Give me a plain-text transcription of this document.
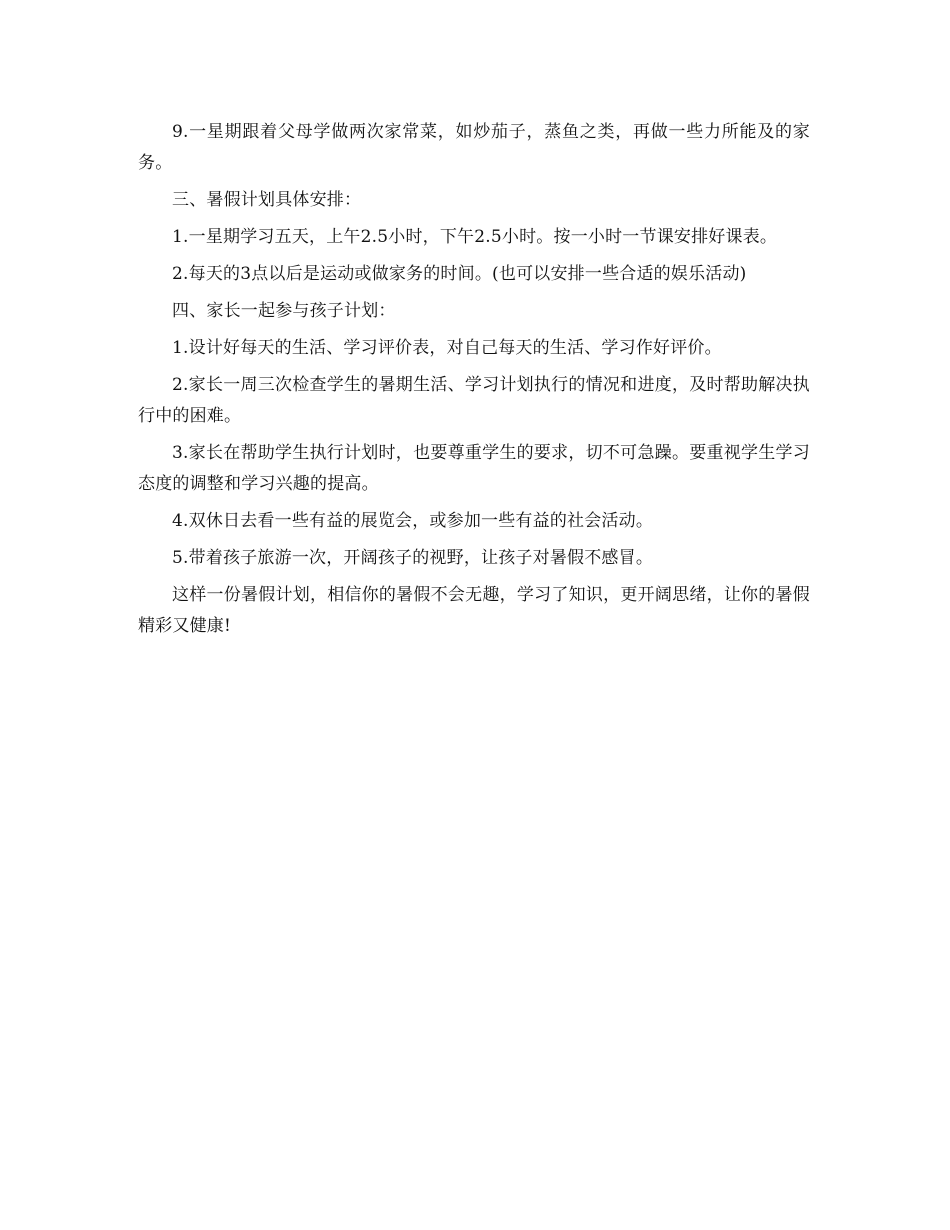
9.一星期跟着父母学做两次家常菜，如炒茄子，蒸鱼之类，再做一些力所能及的家务。

三、暑假计划具体安排：

1.一星期学习五天，上午2.5小时，下午2.5小时。按一小时一节课安排好课表。

2.每天的3点以后是运动或做家务的时间。(也可以安排一些合适的娱乐活动)

四、家长一起参与孩子计划：

1.设计好每天的生活、学习评价表，对自己每天的生活、学习作好评价。

2.家长一周三次检查学生的暑期生活、学习计划执行的情况和进度，及时帮助解决执行中的困难。

3.家长在帮助学生执行计划时，也要尊重学生的要求，切不可急躁。要重视学生学习态度的调整和学习兴趣的提高。

4.双休日去看一些有益的展览会，或参加一些有益的社会活动。

5.带着孩子旅游一次，开阔孩子的视野，让孩子对暑假不感冒。

这样一份暑假计划，相信你的暑假不会无趣，学习了知识，更开阔思绪，让你的暑假精彩又健康!
